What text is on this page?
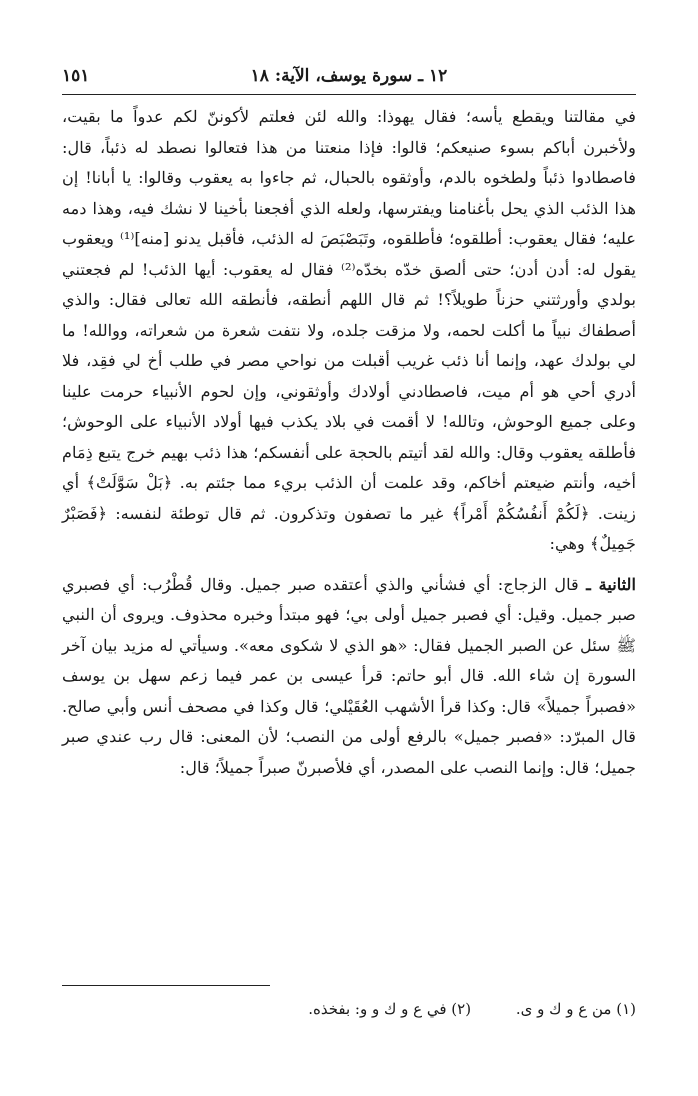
١٢ ـ سورة يوسف، الآية: ١٨
١٥١

في مقالتنا ويقطع يأسه؛ فقال يهوذا: والله لئن فعلتم لأكوننّ لكم عدواً ما بقيت، ولأخبرن أباكم بسوء صنيعكم؛ قالوا: فإذا منعتنا من هذا فتعالوا نصطد له ذئباً، قال: فاصطادوا ذئباً ولطخوه بالدم، وأوثقوه بالحبال، ثم جاءوا به يعقوب وقالوا: يا أبانا! إن هذا الذئب الذي يحل بأغنامنا ويفترسها، ولعله الذي أفجعنا بأخينا لا نشك فيه، وهذا دمه عليه؛ فقال يعقوب: أطلقوه؛ فأطلقوه، وتَبَصْبَصَ له الذئب، فأقبل يدنو [منه]⁽¹⁾ ويعقوب يقول له: أدن أدن؛ حتى ألصق خدّه بخدّه⁽²⁾ فقال له يعقوب: أيها الذئب! لم فجعتني بولدي وأورثتني حزناً طويلاً؟! ثم قال اللهم أنطقه، فأنطقه الله تعالى فقال: والذي أصطفاك نبياً ما أكلت لحمه، ولا مزقت جلده، ولا نتفت شعرة من شعراته، ووالله! ما لي بولدك عهد، وإنما أنا ذئب غريب أقبلت من نواحي مصر في طلب أخ لي فقِد، فلا أدري أحي هو أم ميت، فاصطادني أولادك وأوثقوني، وإن لحوم الأنبياء حرمت علينا وعلى جميع الوحوش، وتالله! لا أقمت في بلاد يكذب فيها أولاد الأنبياء على الوحوش؛ فأطلقه يعقوب وقال: والله لقد أتيتم بالحجة على أنفسكم؛ هذا ذئب بهيم خرج يتبع ذِمَام أخيه، وأنتم ضيعتم أخاكم، وقد علمت أن الذئب بريء مما جئتم به. ﴿بَلْ سَوَّلَتْ﴾ أي زينت. ﴿لَكُمْ أَنفُسُكُمْ أَمْراً﴾ غير ما تصفون وتذكرون. ثم قال توطئة لنفسه: ﴿فَصَبْرٌ جَمِيلٌ﴾ وهي:

الثانية ـ قال الزجاج: أي فشأني والذي أعتقده صبر جميل. وقال قُطْرُب: أي فصبري صبر جميل. وقيل: أي فصبر جميل أولى بي؛ فهو مبتدأ وخبره محذوف. ويروى أن النبي ﷺ سئل عن الصبر الجميل فقال: «هو الذي لا شكوى معه». وسيأتي له مزيد بيان آخر السورة إن شاء الله. قال أبو حاتم: قرأ عيسى بن عمر فيما زعم سهل بن يوسف «فصبراً جميلاً» قال: وكذا قرأ الأشهب العُقَيْلي؛ قال وكذا في مصحف أنس وأبي صالح. قال المبرّد: «فصبر جميل» بالرفع أولى من النصب؛ لأن المعنى: قال رب عندي صبر جميل؛ قال: وإنما النصب على المصدر، أي فلأصبرنّ صبراً جميلاً؛ قال:

(١) من ع و ك و ى. (٢) في ع و ك و و: بفخذه.
